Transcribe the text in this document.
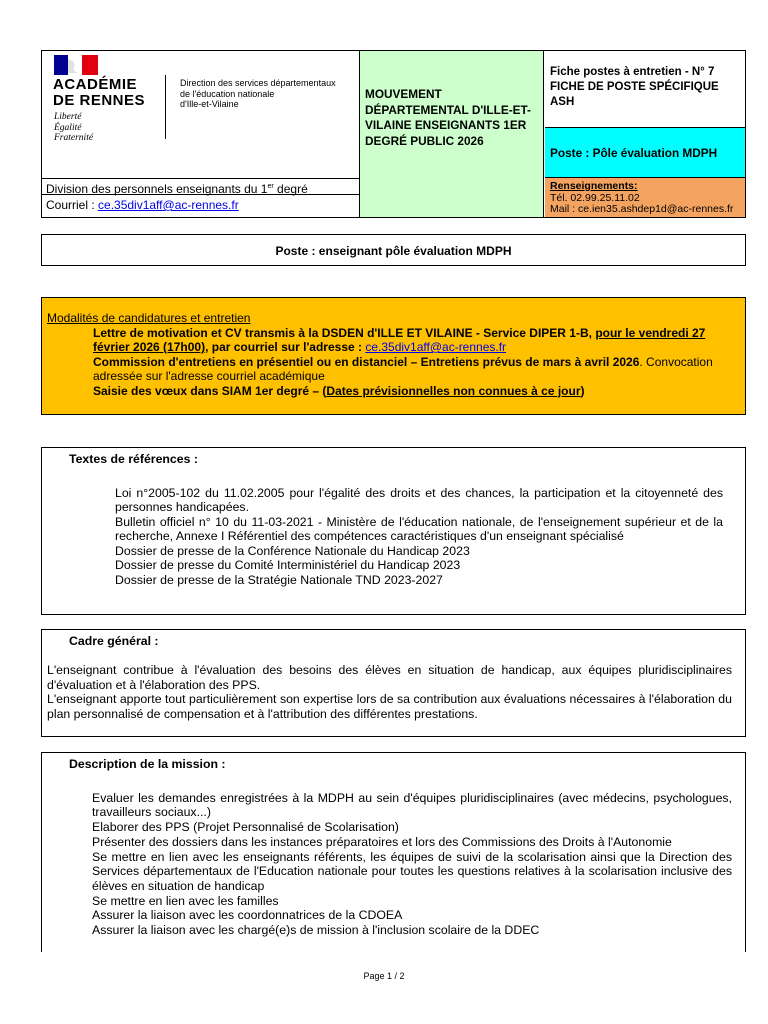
ACADÉMIE
DE RENNES
Liberté
Égalité
Fraternité
Direction des services départementaux
de l'éducation nationale
d'Ille-et-Vilaine
MOUVEMENT DÉPARTEMENTAL D'ILLE-ET-VILAINE ENSEIGNANTS 1ER DEGRÉ PUBLIC 2026
Fiche postes à entretien - N° 7
FICHE DE POSTE SPÉCIFIQUE ASH
Poste : Pôle évaluation MDPH
Division des personnels enseignants du 1er degré
Courriel : ce.35div1aff@ac-rennes.fr
Renseignements:
Tél. 02.99.25.11.02
Mail : ce.ien35.ashdep1d@ac-rennes.fr
Poste : enseignant pôle évaluation MDPH
Modalités de candidatures et entretien

Lettre de motivation et CV transmis à la DSDEN d'ILLE ET VILAINE - Service DIPER 1-B, pour le vendredi 27 février 2026 (17h00), par courriel sur l'adresse : ce.35div1aff@ac-rennes.fr

Commission d'entretiens en présentiel ou en distanciel – Entretiens prévus de mars à avril 2026. Convocation adressée sur l'adresse courriel académique

Saisie des vœux dans SIAM 1er degré – (Dates prévisionnelles non connues à ce jour)

Textes de références :

Loi n°2005-102 du 11.02.2005 pour l'égalité des droits et des chances, la participation et la citoyenneté des personnes handicapées.

Bulletin officiel n° 10 du 11-03-2021 - Ministère de l'éducation nationale, de l'enseignement supérieur et de la recherche, Annexe I Référentiel des compétences caractéristiques d'un enseignant spécialisé

Dossier de presse de la Conférence Nationale du Handicap 2023

Dossier de presse du Comité Interministériel du Handicap 2023

Dossier de presse de la Stratégie Nationale TND 2023-2027

Cadre général :

L'enseignant contribue à l'évaluation des besoins des élèves en situation de handicap, aux équipes pluridisciplinaires d'évaluation et à l'élaboration des PPS.

L'enseignant apporte tout particulièrement son expertise lors de sa contribution aux évaluations nécessaires à l'élaboration du plan personnalisé de compensation et à l'attribution des différentes prestations.

Description de la mission :

Evaluer les demandes enregistrées à la MDPH au sein d'équipes pluridisciplinaires (avec médecins, psychologues, travailleurs sociaux...)

Elaborer des PPS (Projet Personnalisé de Scolarisation)

Présenter des dossiers dans les instances préparatoires et lors des Commissions des Droits à l'Autonomie

Se mettre en lien avec les enseignants référents, les équipes de suivi de la scolarisation ainsi que la Direction des Services départementaux de l'Education nationale pour toutes les questions relatives à la scolarisation inclusive des élèves en situation de handicap

Se mettre en lien avec les familles

Assurer la liaison avec les coordonnatrices de la CDOEA

Assurer la liaison avec les chargé(e)s de mission à l'inclusion scolaire de la DDEC

Page 1 / 2
